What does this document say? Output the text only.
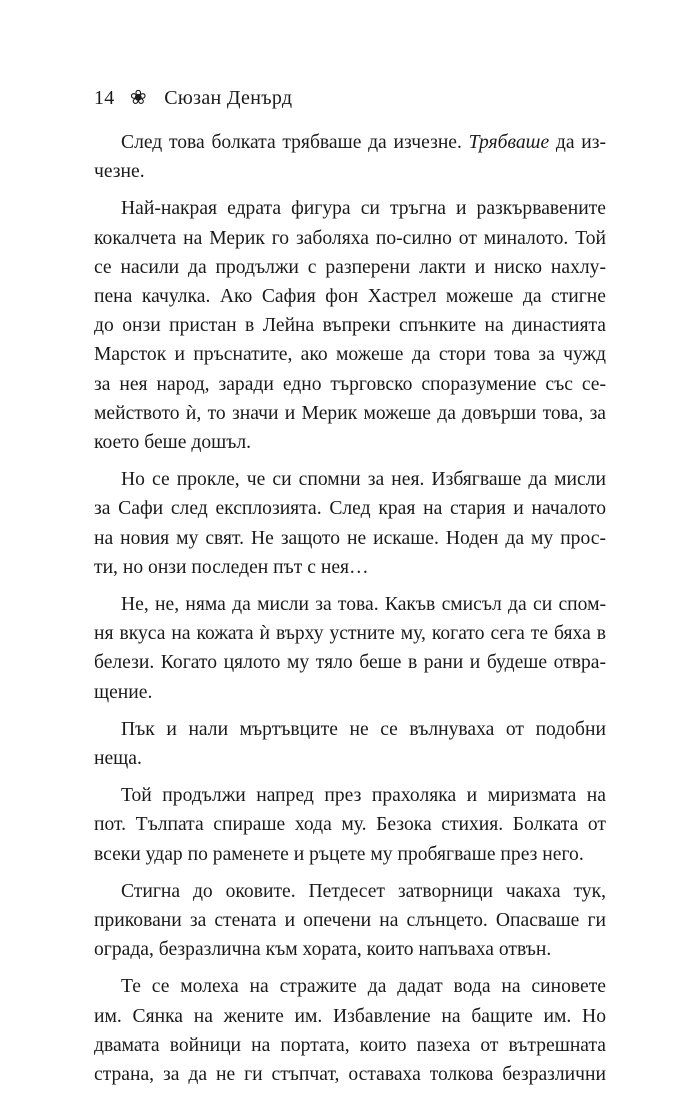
14 ❀ Сюзан Денърд
След това болката трябваше да изчезне. Трябваше да из-
чезне.
Най-накрая едрата фигура си тръгна и разкървавените
кокалчета на Мерик го заболяха по-силно от миналото. Той
се насили да продължи с разперени лакти и ниско нахлу-
пена качулка. Ако Сафия фон Хастрел можеше да стигне
до онзи пристан в Лейна въпреки спънките на династията
Марсток и пръснатите, ако можеше да стори това за чужд
за нея народ, заради едно търговско споразумение със се-
мейството ѝ, то значи и Мерик можеше да довърши това, за
което беше дошъл.
Но се прокле, че си спомни за нея. Избягваше да мисли
за Сафи след експлозията. След края на стария и началото
на новия му свят. Не защото не искаше. Ноден да му прос-
ти, но онзи последен път с нея…
Не, не, няма да мисли за това. Какъв смисъл да си спом-
ня вкуса на кожата ѝ върху устните му, когато сега те бяха в
белези. Когато цялото му тяло беше в рани и будеше отвра-
щение.
Пък и нали мъртъвците не се вълнуваха от подобни
неща.
Той продължи напред през прахоляка и миризмата на
пот. Тълпата спираше хода му. Безока стихия. Болката от
всеки удар по раменете и ръцете му пробягваше през него.
Стигна до оковите. Петдесет затворници чакаха тук,
приковани за стената и опечени на слънцето. Опасваше ги
ограда, безразлична към хората, които напъваха отвън.
Те се молеха на стражите да дадат вода на синовете
им. Сянка на жените им. Избавление на бащите им. Но
двамата войници на портата, които пазеха от вътрешната
страна, за да не ги стъпчат, оставаха толкова безразлични
